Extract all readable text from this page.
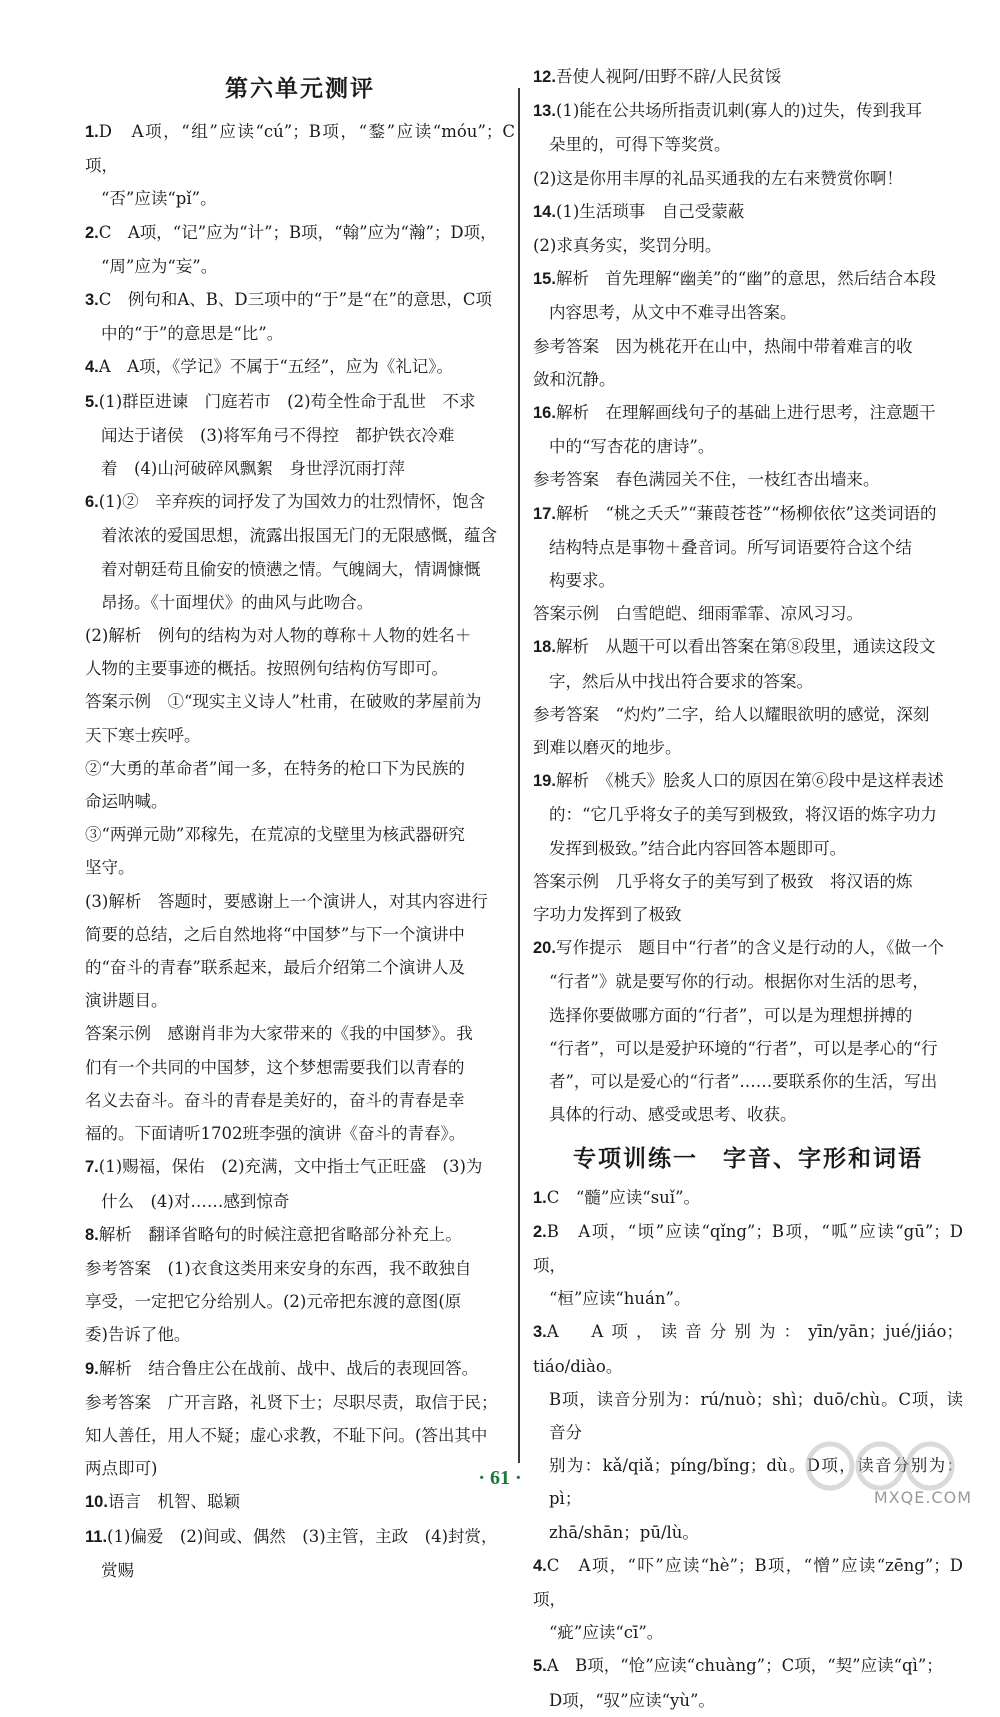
第六单元测评
1.D　A项，“组”应读“cú”；B项，“鍪”应读“móu”；C项，
“否”应读“pǐ”。
2.C　A项，“记”应为“计”；B项，“翰”应为“瀚”；D项，
“周”应为“妄”。
3.C　例句和A、B、D三项中的“于”是“在”的意思，C项
中的“于”的意思是“比”。
4.A　A项，《学记》不属于“五经”，应为《礼记》。
5.(1)群臣进谏　门庭若市　(2)苟全性命于乱世　不求
闻达于诸侯　(3)将军角弓不得控　都护铁衣冷难
着　(4)山河破碎风飘絮　身世浮沉雨打萍
6.(1)②　辛弃疾的词抒发了为国效力的壮烈情怀，饱含
着浓浓的爱国思想，流露出报国无门的无限感慨，蕴含
着对朝廷苟且偷安的愤懑之情。气魄阔大，情调慷慨
昂扬。《十面埋伏》的曲风与此吻合。
(2)解析　例句的结构为对人物的尊称＋人物的姓名＋
人物的主要事迹的概括。按照例句结构仿写即可。
答案示例　①“现实主义诗人”杜甫，在破败的茅屋前为
天下寒士疾呼。
②“大勇的革命者”闻一多，在特务的枪口下为民族的
命运呐喊。
③“两弹元勋”邓稼先，在荒凉的戈壁里为核武器研究
坚守。
(3)解析　答题时，要感谢上一个演讲人，对其内容进行
简要的总结，之后自然地将“中国梦”与下一个演讲中
的“奋斗的青春”联系起来，最后介绍第二个演讲人及
演讲题目。
答案示例　感谢肖非为大家带来的《我的中国梦》。我
们有一个共同的中国梦，这个梦想需要我们以青春的
名义去奋斗。奋斗的青春是美好的，奋斗的青春是幸
福的。下面请听1702班李强的演讲《奋斗的青春》。
7.(1)赐福，保佑　(2)充满，文中指士气正旺盛　(3)为
什么　(4)对……感到惊奇
8.解析　翻译省略句的时候注意把省略部分补充上。
参考答案　(1)衣食这类用来安身的东西，我不敢独自
享受，一定把它分给别人。(2)元帝把东渡的意图(原
委)告诉了他。
9.解析　结合鲁庄公在战前、战中、战后的表现回答。
参考答案　广开言路，礼贤下士；尽职尽责，取信于民；
知人善任，用人不疑；虚心求教，不耻下问。(答出其中
两点即可)
10.语言　机智、聪颖
11.(1)偏爱　(2)间或、偶然　(3)主管，主政　(4)封赏，
赏赐
12.吾使人视阿/田野不辟/人民贫馁
13.(1)能在公共场所指责讥刺(寡人的)过失，传到我耳
朵里的，可得下等奖赏。
(2)这是你用丰厚的礼品买通我的左右来赞赏你啊！
14.(1)生活琐事　自己受蒙蔽
(2)求真务实，奖罚分明。
15.解析　首先理解“幽美”的“幽”的意思，然后结合本段
内容思考，从文中不难寻出答案。
参考答案　因为桃花开在山中，热闹中带着难言的收
敛和沉静。
16.解析　在理解画线句子的基础上进行思考，注意题干
中的“写杏花的唐诗”。
参考答案　春色满园关不住，一枝红杏出墙来。
17.解析　“桃之夭夭”“蒹葭苍苍”“杨柳依依”这类词语的
结构特点是事物＋叠音词。所写词语要符合这个结
构要求。
答案示例　白雪皑皑、细雨霏霏、凉风习习。
18.解析　从题干可以看出答案在第⑧段里，通读这段文
字，然后从中找出符合要求的答案。
参考答案　“灼灼”二字，给人以耀眼欲明的感觉，深刻
到难以磨灭的地步。
19.解析　《桃夭》脍炙人口的原因在第⑥段中是这样表述
的：“它几乎将女子的美写到极致，将汉语的炼字功力
发挥到极致。”结合此内容回答本题即可。
答案示例　几乎将女子的美写到了极致　将汉语的炼
字功力发挥到了极致
20.写作提示　题目中“行者”的含义是行动的人，《做一个
“行者”》就是要写你的行动。根据你对生活的思考，
选择你要做哪方面的“行者”，可以是为理想拼搏的
“行者”，可以是爱护环境的“行者”，可以是孝心的“行
者”，可以是爱心的“行者”……要联系你的生活，写出
具体的行动、感受或思考、收获。
专项训练一　字音、字形和词语
1.C　“髓”应读“suǐ”。
2.B　A项，“顷”应读“qǐng”；B项，“呱”应读“gū”；D项，
“桓”应读“huán”。
3.A　A项，读音分别为：yīn/yān；jué/jiáo；tiáo/diào。
B项，读音分别为：rú/nuò；shì；duō/chù。C项，读音分
别为：kǎ/qiǎ；píng/bǐng；dù。D项，读音分别为：pì；
zhā/shān；pū/lù。
4.C　A项，“吓”应读“hè”；B项，“憎”应读“zēng”；D项，
“疵”应读“cī”。
5.A　B项，“怆”应读“chuàng”；C项，“契”应读“qì”；
D项，“驭”应读“yù”。
· 61 ·
MXQE.COM
